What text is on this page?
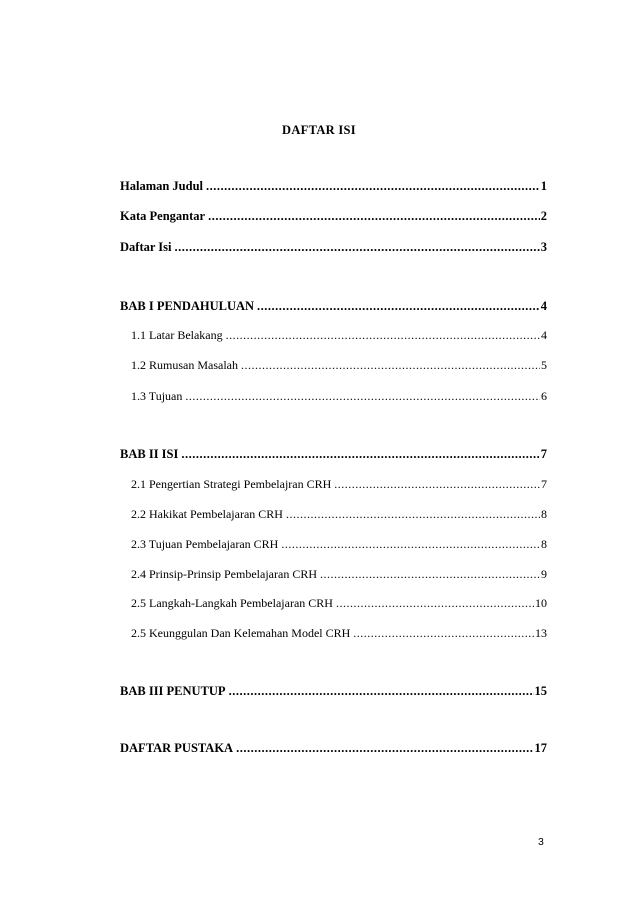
DAFTAR ISI
Halaman Judul .....	1
Kata Pengantar .....	2
Daftar Isi .....	3
BAB I PENDAHULUAN .....	4
1.1 Latar Belakang .....	4
1.2 Rumusan Masalah .....	5
1.3 Tujuan .....	6
BAB II ISI .....	7
2.1 Pengertian Strategi Pembelajran CRH .....	7
2.2 Hakikat Pembelajaran CRH .....	8
2.3 Tujuan Pembelajaran CRH .....	8
2.4 Prinsip-Prinsip Pembelajaran CRH .....	9
2.5 Langkah-Langkah Pembelajaran CRH .....	10
2.5 Keunggulan Dan Kelemahan Model CRH .....	13
BAB III PENUTUP .....	15
DAFTAR PUSTAKA .....	17
3
